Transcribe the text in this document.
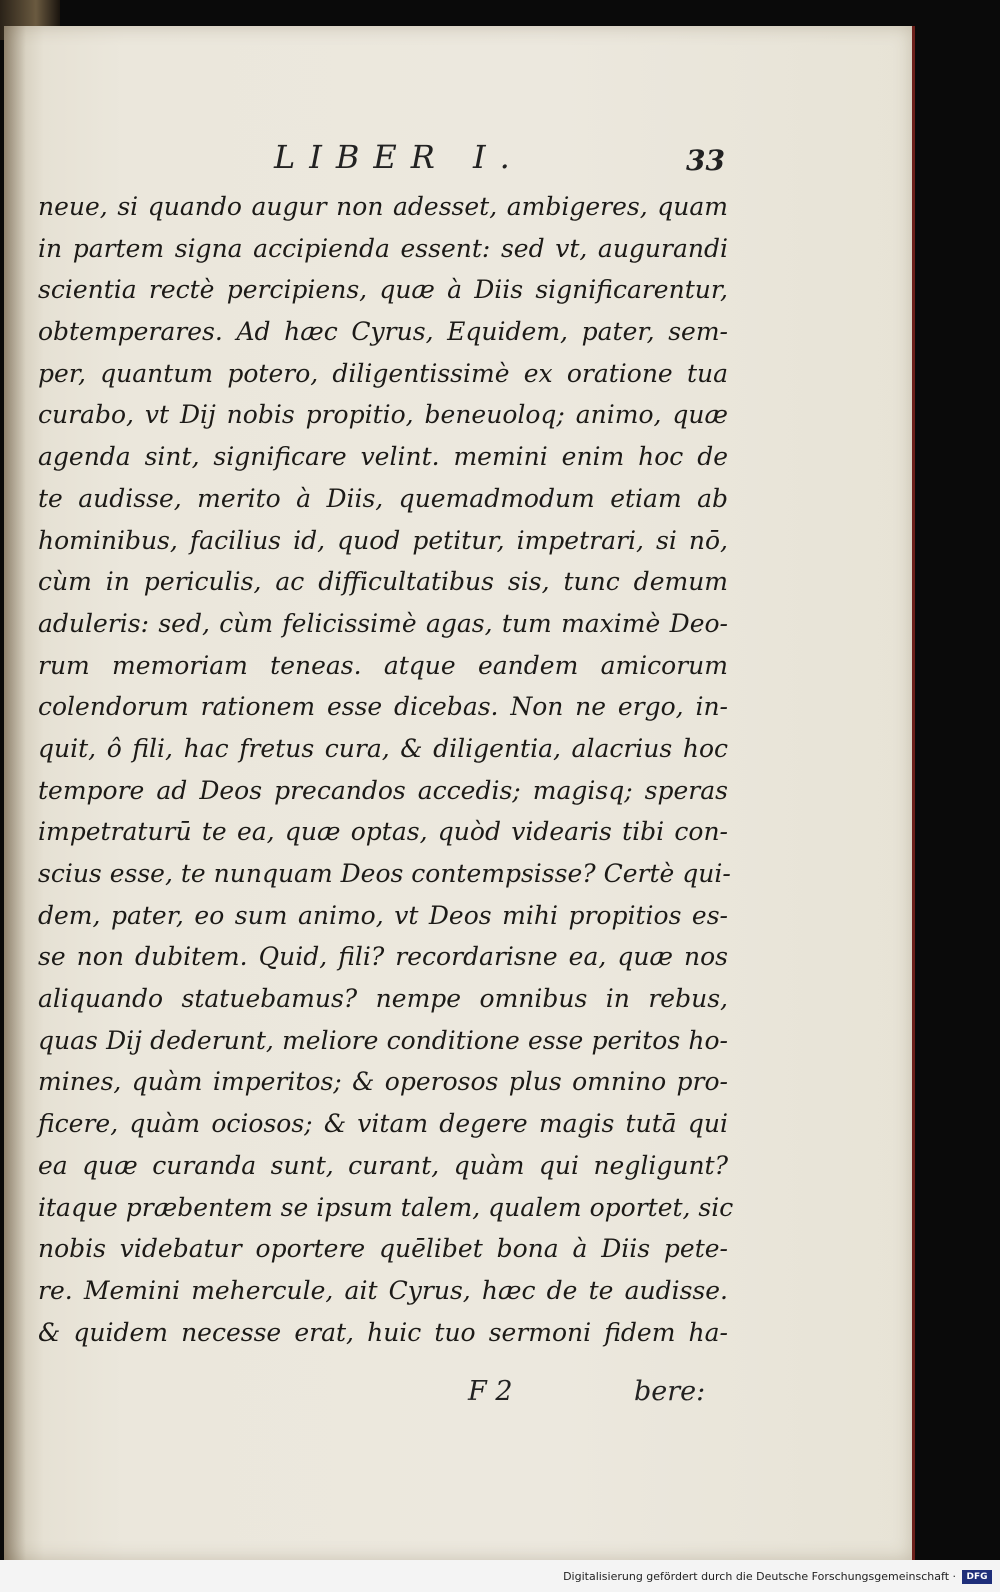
LIBER I.	33
neue, si quando augur non adesset, ambigeres, quam
in partem signa accipienda essent: sed vt, augurandi
scientia rectè percipiens, quæ à Diis significarentur,
obtemperares. Ad hæc Cyrus, Equidem, pater, sem-
per, quantum potero, diligentissimè ex oratione tua
curabo, vt Dij nobis propitio, beneuoloq; animo, quæ
agenda sint, significare velint. memini enim hoc de
te audisse, merito à Diis, quemadmodum etiam ab
hominibus, facilius id, quod petitur, impetrari, si nō,
cùm in periculis, ac difficultatibus sis, tunc demum
aduleris: sed, cùm felicissimè agas, tum maximè Deo-
rum memoriam teneas. atque eandem amicorum
colendorum rationem esse dicebas. Non ne ergo, in-
quit, ô fili, hac fretus cura, & diligentia, alacrius hoc
tempore ad Deos precandos accedis; magisq; speras
impetraturū te ea, quæ optas, quòd videaris tibi con-
scius esse, te nunquam Deos contempsisse? Certè qui-
dem, pater, eo sum animo, vt Deos mihi propitios es-
se non dubitem. Quid, fili? recordarisne ea, quæ nos
aliquando statuebamus? nempe omnibus in rebus,
quas Dij dederunt, meliore conditione esse peritos ho-
mines, quàm imperitos; & operosos plus omnino pro-
ficere, quàm ociosos; & vitam degere magis tutā qui
ea quæ curanda sunt, curant, quàm qui negligunt?
itaque præbentem se ipsum talem, qualem oportet, sic
nobis videbatur oportere quēlibet bona à Diis pete-
re. Memini mehercule, ait Cyrus, hæc de te audisse.
& quidem necesse erat, huic tuo sermoni fidem ha-
F 2	bere:
Digitalisierung gefördert durch die Deutsche Forschungsgemeinschaft ·	DFG
